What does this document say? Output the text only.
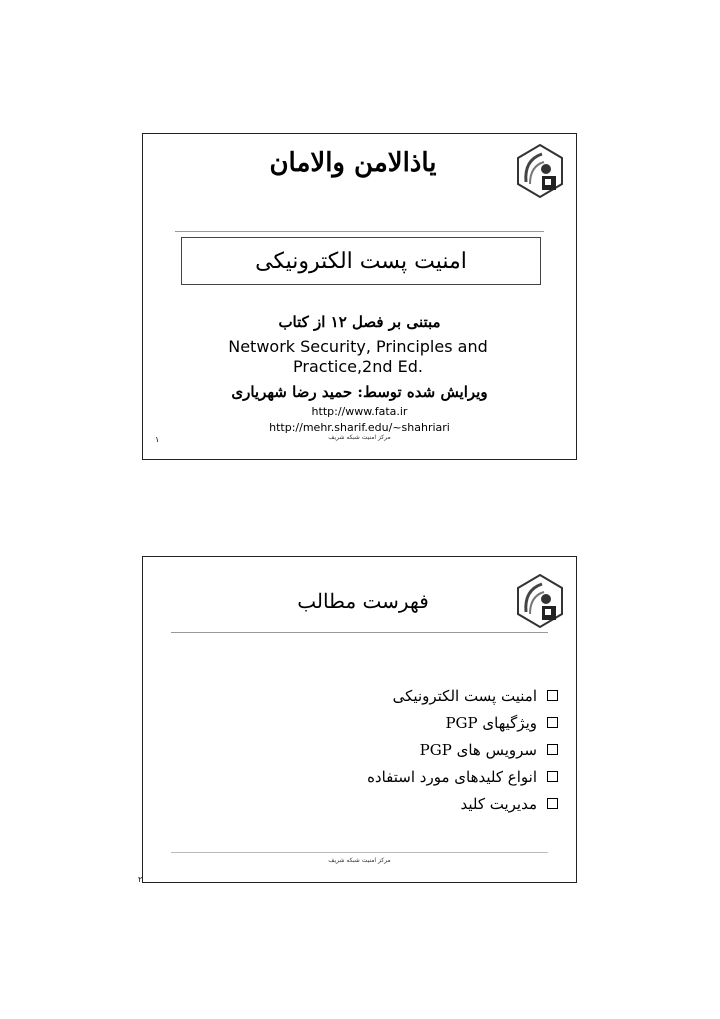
یاذالامن والامان
امنیت پست الکترونیکی
مبتنی بر فصل ۱۲ از کتاب
Network Security, Principles and Practice,2nd Ed.
ویرایش شده توسط: حمید رضا شهریاری
http://www.fata.ir
http://mehr.sharif.edu/~shahriari
مرکز امنیت شبکه شریف
۱
فهرست مطالب
امنیت پست الکترونیکی
ویژگیهای PGP
سرویس های PGP
انواع کلیدهای مورد استفاده
مدیریت کلید
مرکز امنیت شبکه شریف
۲
